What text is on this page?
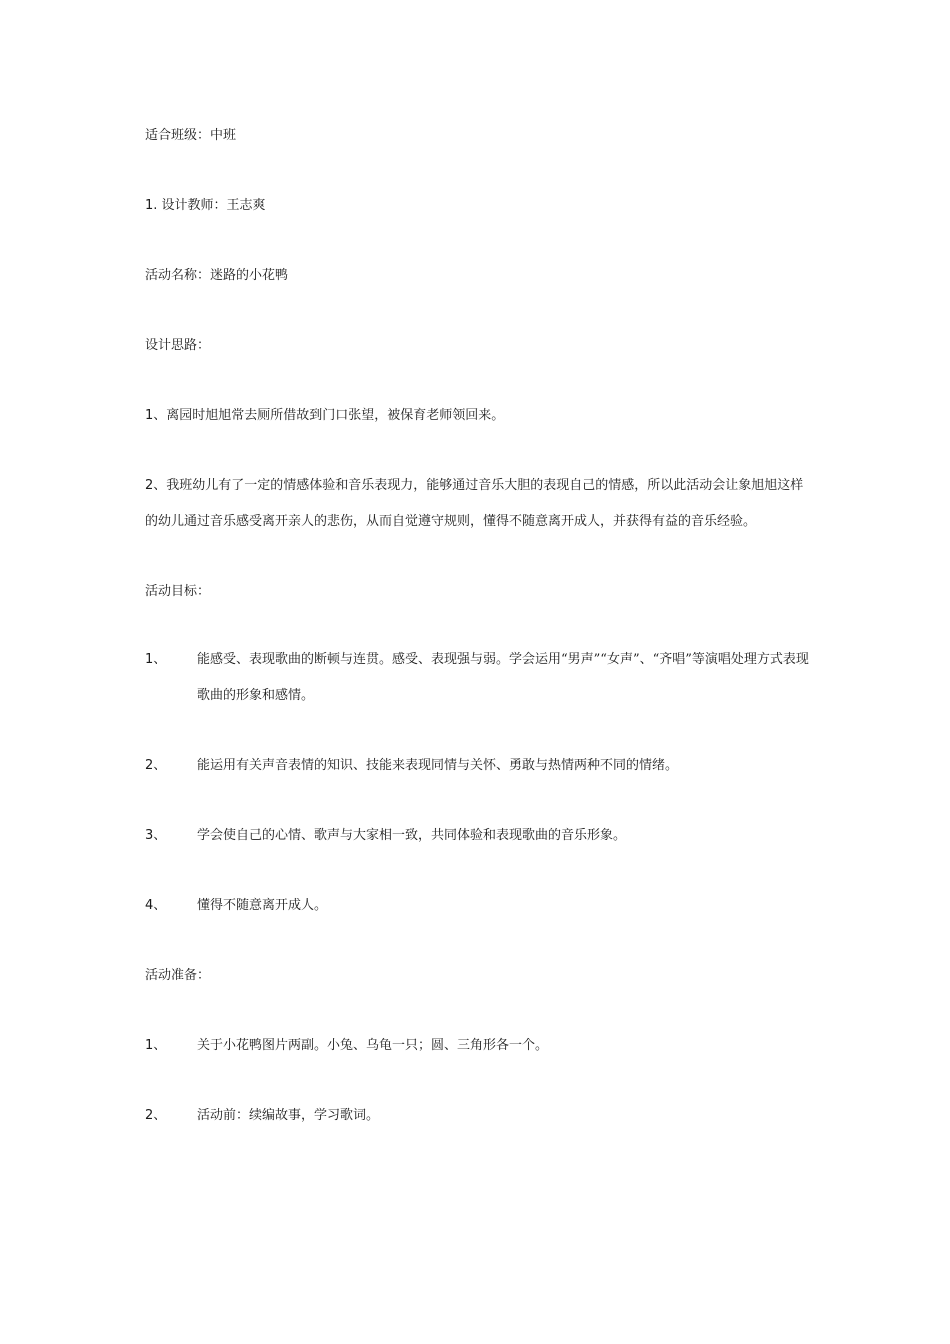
适合班级：中班

1. 设计教师：王志爽

活动名称：迷路的小花鸭

设计思路：

1、离园时旭旭常去厕所借故到门口张望，被保育老师领回来。

2、我班幼儿有了一定的情感体验和音乐表现力，能够通过音乐大胆的表现自己的情感，所以此活动会让象旭旭这样的幼儿通过音乐感受离开亲人的悲伤，从而自觉遵守规则，懂得不随意离开成人，并获得有益的音乐经验。

活动目标：

1、	能感受、表现歌曲的断顿与连贯。感受、表现强与弱。学会运用“男声”“女声”、“齐唱”等演唱处理方式表现歌曲的形象和感情。
2、	能运用有关声音表情的知识、技能来表现同情与关怀、勇敢与热情两种不同的情绪。
3、	学会使自己的心情、歌声与大家相一致，共同体验和表现歌曲的音乐形象。
4、	懂得不随意离开成人。

活动准备：

1、	关于小花鸭图片两副。小兔、乌龟一只；圆、三角形各一个。
2、	活动前：续编故事，学习歌词。
